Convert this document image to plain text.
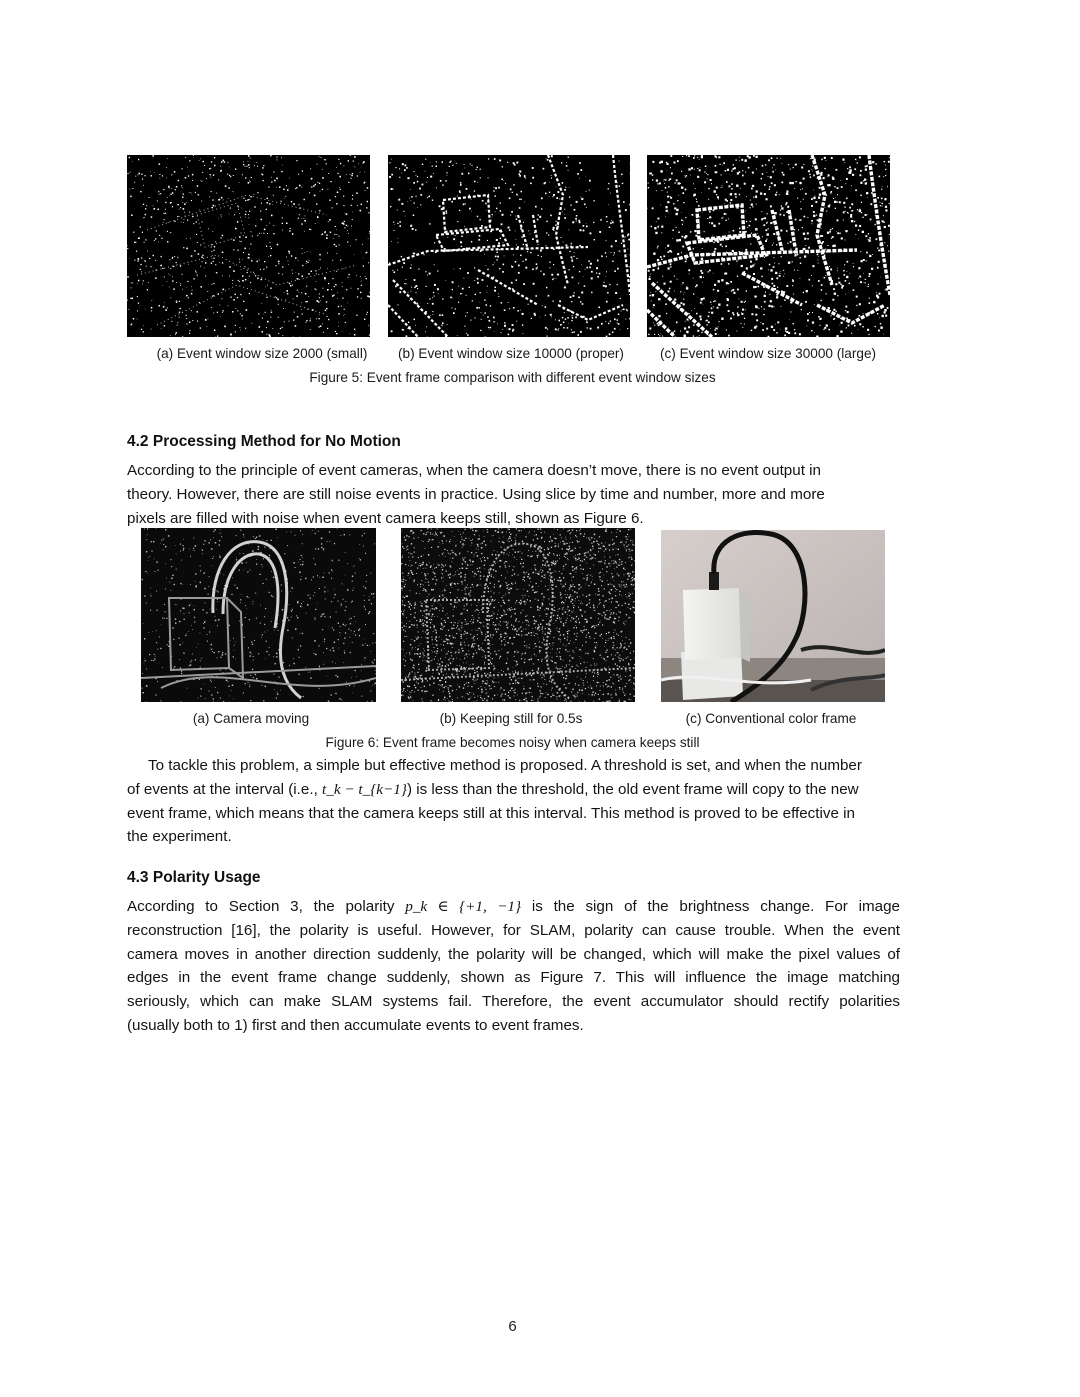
(a) Event window size 2000 (small)	(b) Event window size 10000 (proper)	(c) Event window size 30000 (large)
Figure 5: Event frame comparison with different event window sizes
4.2 Processing Method for No Motion
According to the principle of event cameras, when the camera doesn’t move, there is no event output in
theory. However, there are still noise events in practice. Using slice by time and number, more and more
pixels are filled with noise when event camera keeps still, shown as Figure 6.
(a) Camera moving	(b) Keeping still for 0.5s	(c) Conventional color frame
Figure 6: Event frame becomes noisy when camera keeps still
To tackle this problem, a simple but effective method is proposed. A threshold is set, and when the number
of events at the interval (i.e., t_k − t_{k−1}) is less than the threshold, the old event frame will copy to the new
event frame, which means that the camera keeps still at this interval. This method is proved to be effective in
the experiment.
4.3 Polarity Usage
According to Section 3, the polarity p_k ∈ {+1, −1} is the sign of the brightness change. For image
reconstruction [16], the polarity is useful. However, for SLAM, polarity can cause trouble. When the event
camera moves in another direction suddenly, the polarity will be changed, which will make the pixel values of
edges in the event frame change suddenly, shown as Figure 7. This will influence the image matching
seriously, which can make SLAM systems fail. Therefore, the event accumulator should rectify polarities
(usually both to 1) first and then accumulate events to event frames.
6
